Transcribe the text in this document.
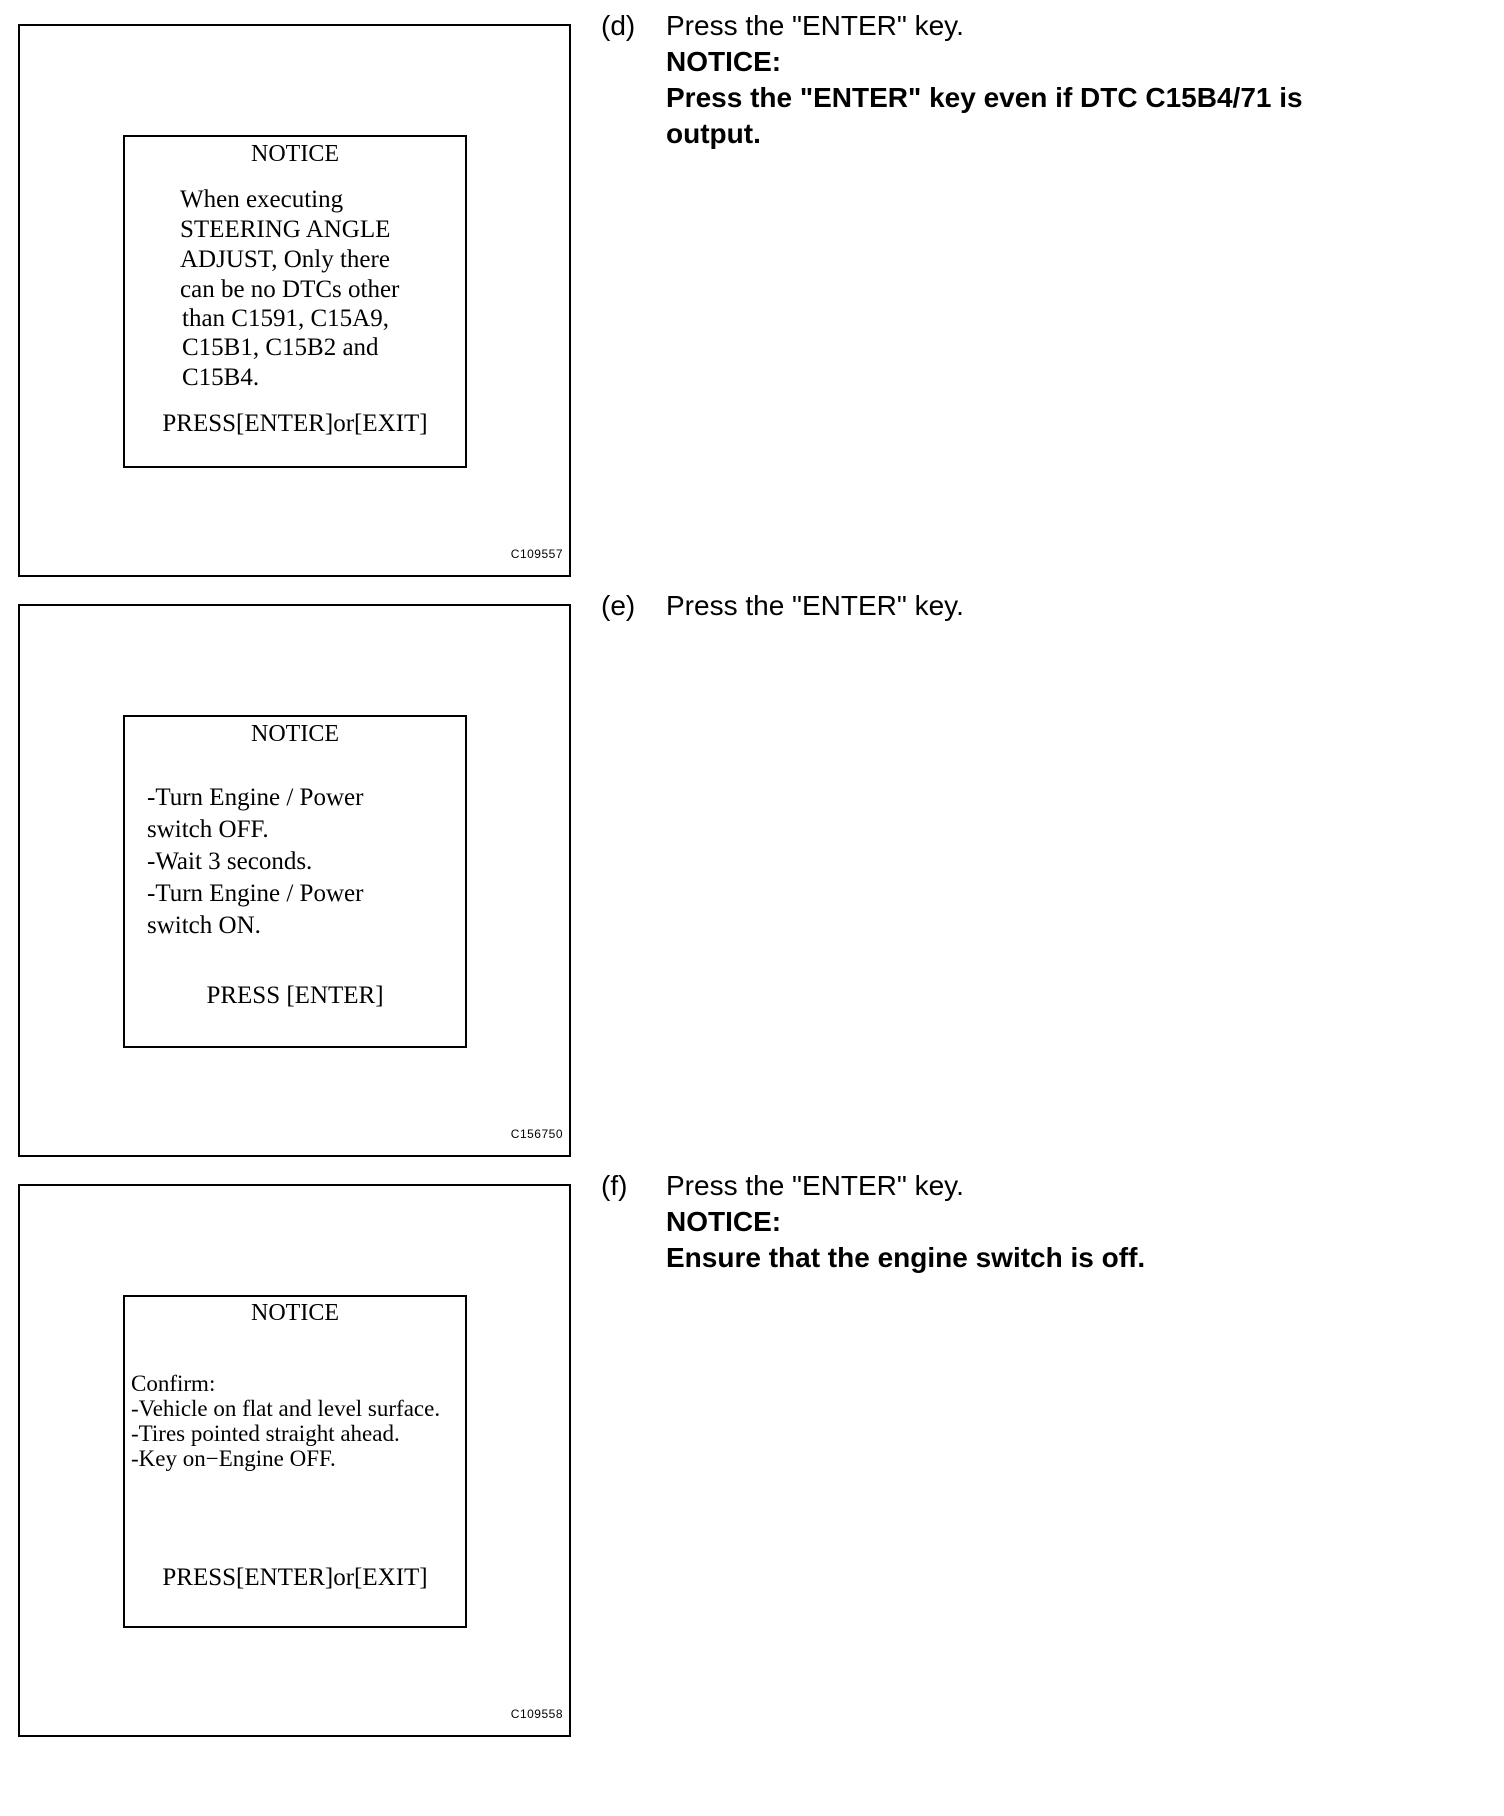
NOTICE
When executing
STEERING ANGLE
ADJUST, Only there
can be no DTCs other
than C1591, C15A9,
C15B1, C15B2 and
C15B4.
PRESS[ENTER]or[EXIT]
C109557
NOTICE
-Turn Engine / Power
switch OFF.
-Wait 3 seconds.
-Turn Engine / Power
switch ON.
PRESS [ENTER]
C156750
NOTICE
Confirm:
-Vehicle on flat and level surface.
-Tires pointed straight ahead.
-Key on−Engine OFF.
PRESS[ENTER]or[EXIT]
C109558
(d) Press the "ENTER" key.
NOTICE:
Press the "ENTER" key even if DTC C15B4/71 is
output.
(e) Press the "ENTER" key.
(f) Press the "ENTER" key.
NOTICE:
Ensure that the engine switch is off.
